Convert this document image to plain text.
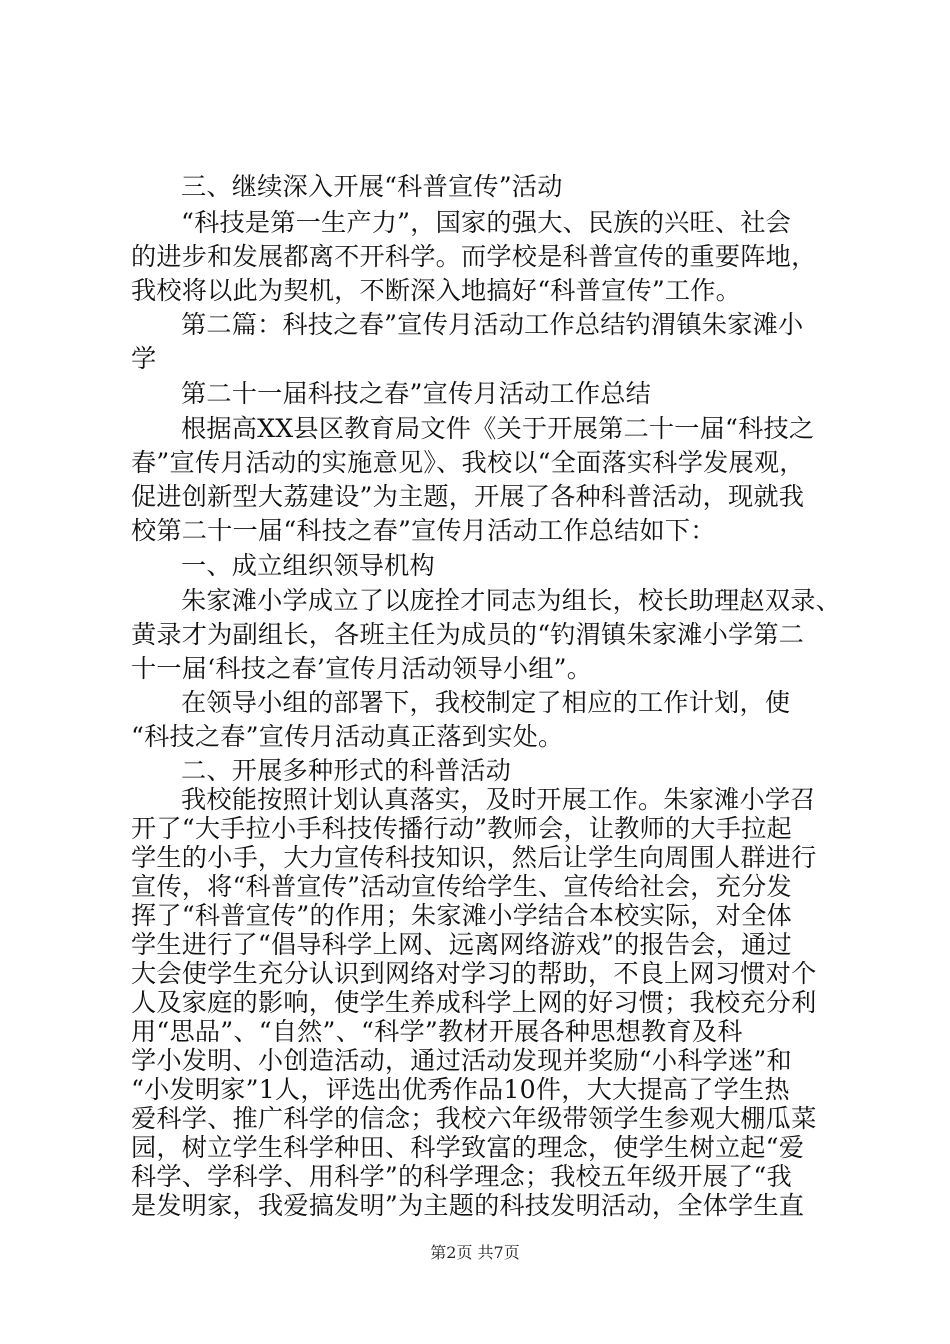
三、继续深入开展“科普宣传”活动
“科技是第一生产力”，国家的强大、民族的兴旺、社会
的进步和发展都离不开科学。而学校是科普宣传的重要阵地，
我校将以此为契机，不断深入地搞好“科普宣传”工作。
第二篇：科技之春”宣传月活动工作总结钓渭镇朱家滩小
学
第二十一届科技之春”宣传月活动工作总结
根据高XX县区教育局文件《关于开展第二十一届“科技之
春”宣传月活动的实施意见》、我校以“全面落实科学发展观，
促进创新型大荔建设”为主题，开展了各种科普活动，现就我
校第二十一届“科技之春”宣传月活动工作总结如下：
一、成立组织领导机构
朱家滩小学成立了以庞拴才同志为组长，校长助理赵双录、
黄录才为副组长，各班主任为成员的“钓渭镇朱家滩小学第二
十一届‘科技之春’宣传月活动领导小组”。
在领导小组的部署下，我校制定了相应的工作计划，使
“科技之春”宣传月活动真正落到实处。
二、开展多种形式的科普活动
我校能按照计划认真落实，及时开展工作。朱家滩小学召
开了“大手拉小手科技传播行动”教师会，让教师的大手拉起
学生的小手，大力宣传科技知识，然后让学生向周围人群进行
宣传，将“科普宣传”活动宣传给学生、宣传给社会，充分发
挥了“科普宣传”的作用；朱家滩小学结合本校实际，对全体
学生进行了“倡导科学上网、远离网络游戏”的报告会，通过
大会使学生充分认识到网络对学习的帮助，不良上网习惯对个
人及家庭的影响，使学生养成科学上网的好习惯；我校充分利
用“思品”、“自然”、“科学”教材开展各种思想教育及科
学小发明、小创造活动，通过活动发现并奖励“小科学迷”和
“小发明家”1人，评选出优秀作品10件，大大提高了学生热
爱科学、推广科学的信念；我校六年级带领学生参观大棚瓜菜
园，树立学生科学种田、科学致富的理念，使学生树立起“爱
科学、学科学、用科学”的科学理念；我校五年级开展了“我
是发明家，我爱搞发明”为主题的科技发明活动，全体学生直
第2页 共7页
